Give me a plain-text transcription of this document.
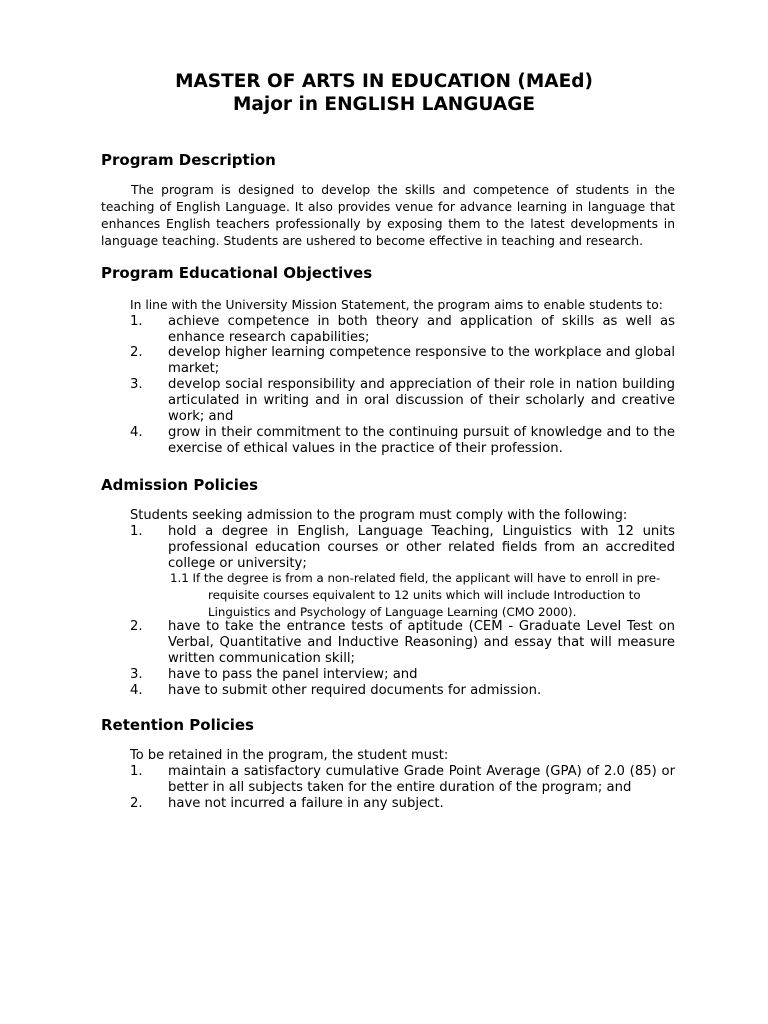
MASTER OF ARTS IN EDUCATION (MAEd)
Major in ENGLISH LANGUAGE
Program Description

The program is designed to develop the skills and competence of students in the teaching of English Language. It also provides venue for advance learning in language that enhances English teachers professionally by exposing them to the latest developments in language teaching. Students are ushered to become effective in teaching and research.

Program Educational Objectives

In line with the University Mission Statement, the program aims to enable students to:

1. achieve competence in both theory and application of skills as well as enhance research capabilities;
2. develop higher learning competence responsive to the workplace and global market;
3. develop social responsibility and appreciation of their role in nation building articulated in writing and in oral discussion of their scholarly and creative work; and
4. grow in their commitment to the continuing pursuit of knowledge and to the exercise of ethical values in the practice of their profession.
Admission Policies

Students seeking admission to the program must comply with the following:

1. hold a degree in English, Language Teaching, Linguistics with 12 units professional education courses or other related fields from an accredited college or university;
1.1 If the degree is from a non-related field, the applicant will have to enroll in pre-
requisite courses equivalent to 12 units which will include Introduction to Linguistics and Psychology of Language Learning (CMO 2000).
2. have to take the entrance tests of aptitude (CEM - Graduate Level Test on Verbal, Quantitative and Inductive Reasoning) and essay that will measure written communication skill;
3. have to pass the panel interview; and
4. have to submit other required documents for admission.
Retention Policies

To be retained in the program, the student must:

1. maintain a satisfactory cumulative Grade Point Average (GPA) of 2.0 (85) or better in all subjects taken for the entire duration of the program; and
2. have not incurred a failure in any subject.
